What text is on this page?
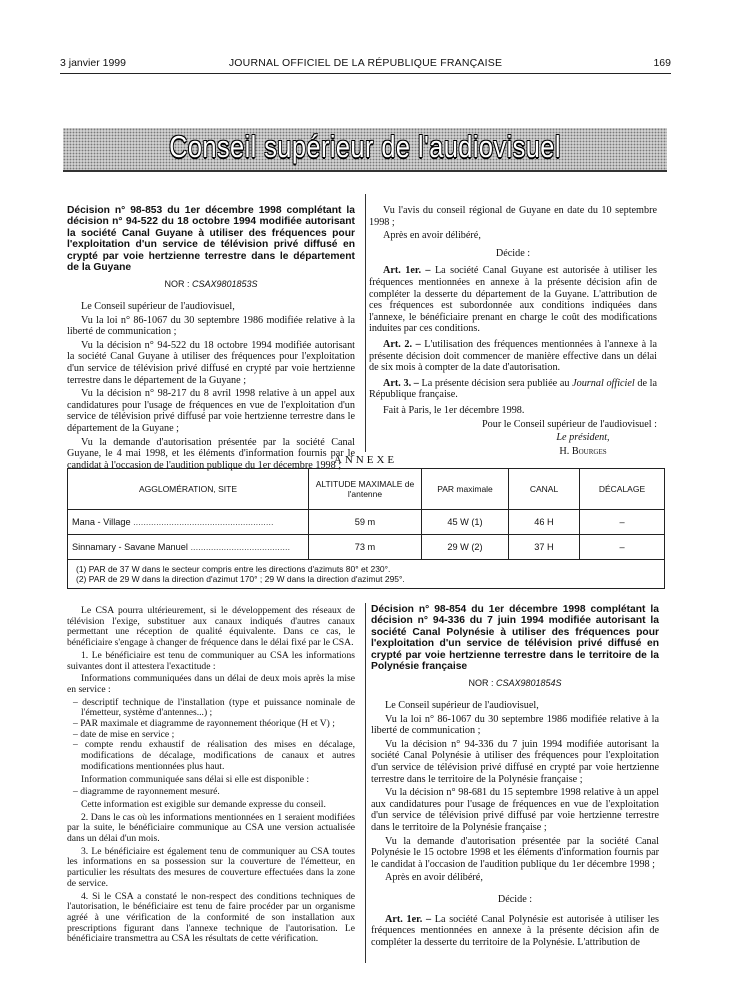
3 janvier 1999	JOURNAL OFFICIEL DE LA RÉPUBLIQUE FRANÇAISE	169
Conseil supérieur de l'audiovisuel
Décision n° 98-853 du 1er décembre 1998 complétant la décision n° 94-522 du 18 octobre 1994 modifiée autorisant la société Canal Guyane à utiliser des fréquences pour l'exploitation d'un service de télévision privé diffusé en crypté par voie hertzienne terrestre dans le département de la Guyane
NOR : CSAX9801853S

Le Conseil supérieur de l'audiovisuel,

Vu la loi n° 86-1067 du 30 septembre 1986 modifiée relative à la liberté de communication ;

Vu la décision n° 94-522 du 18 octobre 1994 modifiée autorisant la société Canal Guyane à utiliser des fréquences pour l'exploitation d'un service de télévision privé diffusé en crypté par voie hertzienne terrestre dans le département de la Guyane ;

Vu la décision n° 98-217 du 8 avril 1998 relative à un appel aux candidatures pour l'usage de fréquences en vue de l'exploitation d'un service de télévision privé diffusé par voie hertzienne terrestre dans le département de la Guyane ;

Vu la demande d'autorisation présentée par la société Canal Guyane, le 4 mai 1998, et les éléments d'information fournis par le candidat à l'occasion de l'audition publique du 1er décembre 1998 ;

Vu l'avis du conseil régional de Guyane en date du 10 septembre 1998 ;

Après en avoir délibéré,

Décide :

Art. 1er. – La société Canal Guyane est autorisée à utiliser les fréquences mentionnées en annexe à la présente décision afin de compléter la desserte du département de la Guyane. L'attribution de ces fréquences est subordonnée aux conditions indiquées dans l'annexe, le bénéficiaire prenant en charge le coût des modifications induites par ces conditions.

Art. 2. – L'utilisation des fréquences mentionnées à l'annexe à la présente décision doit commencer de manière effective dans un délai de six mois à compter de la date d'autorisation.

Art. 3. – La présente décision sera publiée au Journal officiel de la République française.

Fait à Paris, le 1er décembre 1998.

Pour le Conseil supérieur de l'audiovisuel :

Le président,

H. Bourges

ANNEXE
AGGLOMÉRATION, SITE	ALTITUDE MAXIMALE de l'antenne	PAR maximale	CANAL	DÉCALAGE
Mana - Village .......................................................	59 m	45 W (1)	46 H	–
Sinnamary - Savane Manuel .......................................	73 m	29 W (2)	37 H	–

(1) PAR de 37 W dans le secteur compris entre les directions d'azimuts 80° et 230°.
(2) PAR de 29 W dans la direction d'azimut 170° ; 29 W dans la direction d'azimut 295°.				

Le CSA pourra ultérieurement, si le développement des réseaux de télévision l'exige, substituer aux canaux indiqués d'autres canaux permettant une réception de qualité équivalente. Dans ce cas, le bénéficiaire s'engage à changer de fréquence dans le délai fixé par le CSA.

1. Le bénéficiaire est tenu de communiquer au CSA les informations suivantes dont il attestera l'exactitude :

Informations communiquées dans un délai de deux mois après la mise en service :

– descriptif technique de l'installation (type et puissance nominale de l'émetteur, système d'antennes...) ;
– PAR maximale et diagramme de rayonnement théorique (H et V) ;
– date de mise en service ;
– compte rendu exhaustif de réalisation des mises en décalage, modifications de décalage, modifications de canaux et autres modifications mentionnées plus haut.

Information communiquée sans délai si elle est disponible :

– diagramme de rayonnement mesuré.

Cette information est exigible sur demande expresse du conseil.

2. Dans le cas où les informations mentionnées en 1 seraient modifiées par la suite, le bénéficiaire communique au CSA une version actualisée dans un délai d'un mois.

3. Le bénéficiaire est également tenu de communiquer au CSA toutes les informations en sa possession sur la couverture de l'émetteur, en particulier les résultats des mesures de couverture effectuées dans la zone de service.

4. Si le CSA a constaté le non-respect des conditions techniques de l'autorisation, le bénéficiaire est tenu de faire procéder par un organisme agréé à une vérification de la conformité de son installation aux prescriptions figurant dans l'annexe technique de l'autorisation. Le bénéficiaire transmettra au CSA les résultats de cette vérification.

Décision n° 98-854 du 1er décembre 1998 complétant la décision n° 94-336 du 7 juin 1994 modifiée autorisant la société Canal Polynésie à utiliser des fréquences pour l'exploitation d'un service de télévision privé diffusé en crypté par voie hertzienne terrestre dans le territoire de la Polynésie française
NOR : CSAX9801854S

Le Conseil supérieur de l'audiovisuel,

Vu la loi n° 86-1067 du 30 septembre 1986 modifiée relative à la liberté de communication ;

Vu la décision n° 94-336 du 7 juin 1994 modifiée autorisant la société Canal Polynésie à utiliser des fréquences pour l'exploitation d'un service de télévision privé diffusé en crypté par voie hertzienne terrestre dans le territoire de la Polynésie française ;

Vu la décision n° 98-681 du 15 septembre 1998 relative à un appel aux candidatures pour l'usage de fréquences en vue de l'exploitation d'un service de télévision privé diffusé par voie hertzienne terrestre dans le territoire de la Polynésie française ;

Vu la demande d'autorisation présentée par la société Canal Polynésie le 15 octobre 1998 et les éléments d'information fournis par le candidat à l'occasion de l'audition publique du 1er décembre 1998 ;

Après en avoir délibéré,

Décide :

Art. 1er. – La société Canal Polynésie est autorisée à utiliser les fréquences mentionnées en annexe à la présente décision afin de compléter la desserte du territoire de la Polynésie. L'attribution de
